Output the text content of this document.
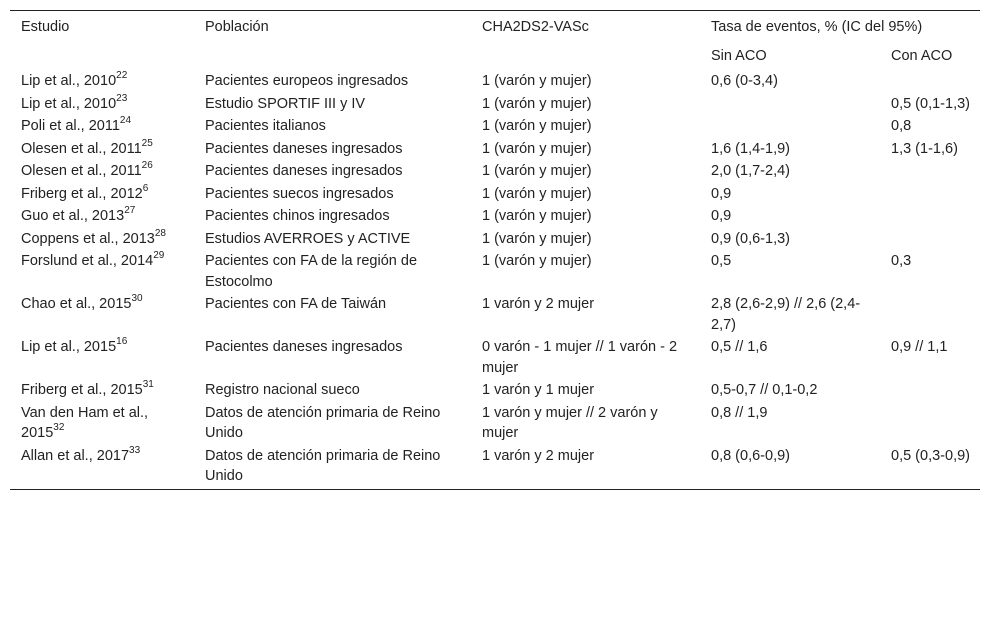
Estudio	Población	CHA2DS2-VASc	Tasa de eventos, % (IC del 95%)	
			Sin ACO	Con ACO
Lip et al., 2010$^{22}$	Pacientes europeos ingresados	1 (varón y mujer)	0,6 (0-3,4)	
Lip et al., 2010$^{23}$	Estudio SPORTIF III y IV	1 (varón y mujer)		0,5 (0,1-1,3)
Poli et al., 2011$^{24}$	Pacientes italianos	1 (varón y mujer)		0,8
Olesen et al., 2011$^{25}$	Pacientes daneses ingresados	1 (varón y mujer)	1,6 (1,4-1,9)	1,3 (1-1,6)
Olesen et al., 2011$^{26}$	Pacientes daneses ingresados	1 (varón y mujer)	2,0 (1,7-2,4)	
Friberg et al., 2012$^6$	Pacientes suecos ingresados	1 (varón y mujer)	0,9	
Guo et al., 2013$^{27}$	Pacientes chinos ingresados	1 (varón y mujer)	0,9	
Coppens et al., 2013$^{28}$	Estudios AVERROES y ACTIVE	1 (varón y mujer)	0,9 (0,6-1,3)	
Forslund et al., 2014$^{29}$	Pacientes con FA de la región de Estocolmo	1 (varón y mujer)	0,5	0,3
Chao et al., 2015$^{30}$	Pacientes con FA de Taiwán	1 varón y 2 mujer	2,8 (2,6-2,9) // 2,6 (2,4-2,7)	
Lip et al., 2015$^{16}$	Pacientes daneses ingresados	0 varón - 1 mujer // 1 varón - 2 mujer	0,5 // 1,6	0,9 // 1,1
Friberg et al., 2015$^{31}$	Registro nacional sueco	1 varón y 1 mujer	0,5-0,7 // 0,1-0,2	
Van den Ham et al., 2015$^{32}$	Datos de atención primaria de Reino Unido	1 varón y mujer // 2 varón y mujer	0,8 // 1,9	
Allan et al., 2017$^{33}$	Datos de atención primaria de Reino Unido	1 varón y 2 mujer	0,8 (0,6-0,9)	0,5 (0,3-0,9)
